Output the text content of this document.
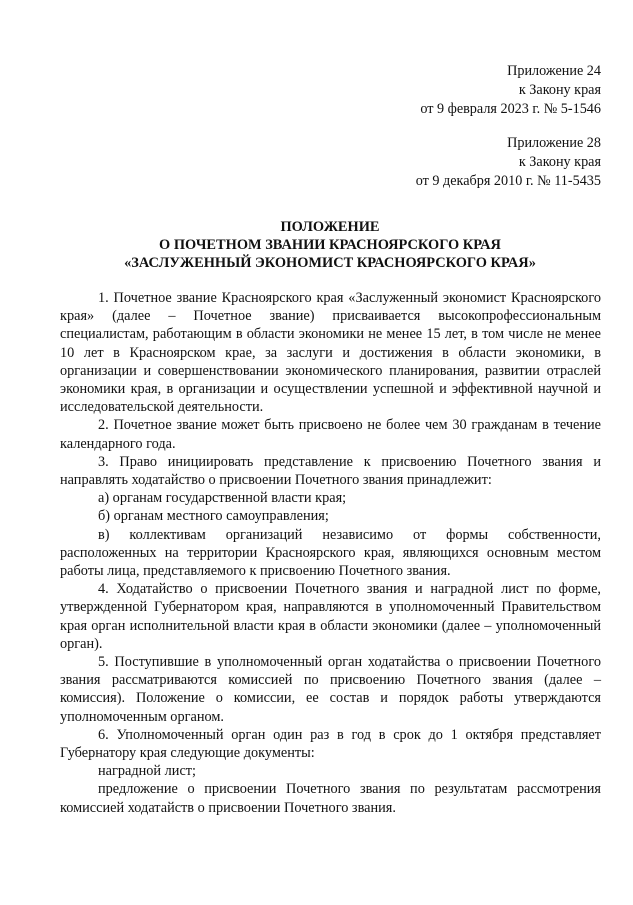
Приложение 24
к Закону края
от 9 февраля 2023 г. № 5-1546
Приложение 28
к Закону края
от 9 декабря 2010 г. № 11-5435
ПОЛОЖЕНИЕ
О ПОЧЕТНОМ ЗВАНИИ КРАСНОЯРСКОГО КРАЯ
«ЗАСЛУЖЕННЫЙ ЭКОНОМИСТ КРАСНОЯРСКОГО КРАЯ»

1. Почетное звание Красноярского края «Заслуженный экономист Красноярского края» (далее – Почетное звание) присваивается высокопрофессиональным специалистам, работающим в области экономики не менее 15 лет, в том числе не менее 10 лет в Красноярском крае, за заслуги и достижения в области экономики, в организации и совершенствовании экономического планирования, развитии отраслей экономики края, в организации и осуществлении успешной и эффективной научной и исследовательской деятельности.

2. Почетное звание может быть присвоено не более чем 30 гражданам в течение календарного года.

3. Право инициировать представление к присвоению Почетного звания и направлять ходатайство о присвоении Почетного звания принадлежит:

а) органам государственной власти края;

б) органам местного самоуправления;

в) коллективам организаций независимо от формы собственности, расположенных на территории Красноярского края, являющихся основным местом работы лица, представляемого к присвоению Почетного звания.

4. Ходатайство о присвоении Почетного звания и наградной лист по форме, утвержденной Губернатором края, направляются в уполномоченный Правительством края орган исполнительной власти края в области экономики (далее – уполномоченный орган).

5. Поступившие в уполномоченный орган ходатайства о присвоении Почетного звания рассматриваются комиссией по присвоению Почетного звания (далее – комиссия). Положение о комиссии, ее состав и порядок работы утверждаются уполномоченным органом.

6. Уполномоченный орган один раз в год в срок до 1 октября представляет Губернатору края следующие документы:

наградной лист;

предложение о присвоении Почетного звания по результатам рассмотрения комиссией ходатайств о присвоении Почетного звания.
